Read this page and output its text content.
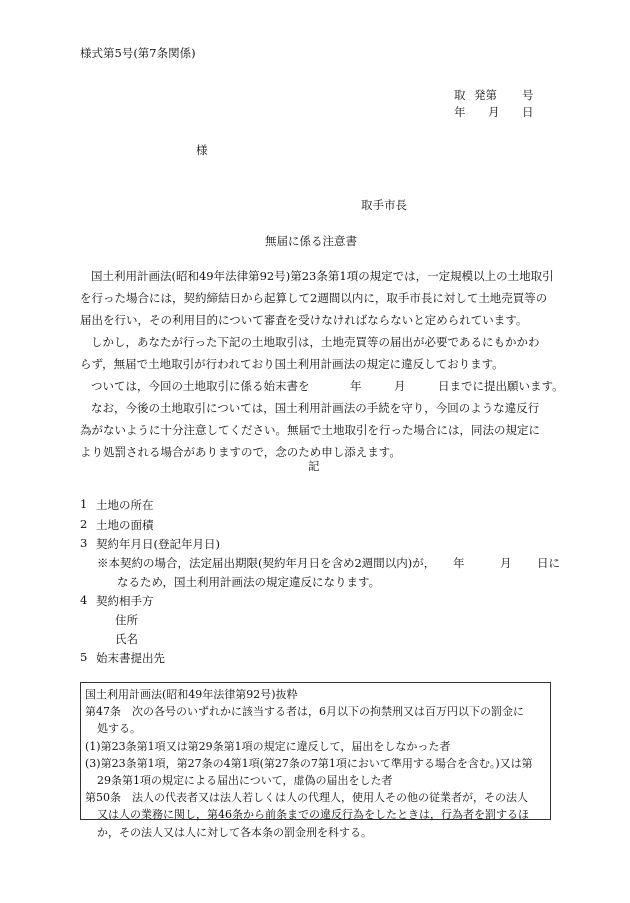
様式第5号(第7条関係)
取 発第 号
年 月 日
様
取手市長
無届に係る注意書
国土利用計画法(昭和49年法律第92号)第23条第1項の規定では，一定規模以上の土地取引
を行った場合には，契約締結日から起算して2週間以内に，取手市長に対して土地売買等の
届出を行い，その利用目的について審査を受けなければならないと定められています。
しかし，あなたが行った下記の土地取引は，土地売買等の届出が必要であるにもかかわ
らず，無届で土地取引が行われており国土利用計画法の規定に違反しております。
ついては，今回の土地取引に係る始末書を	年	月	日までに提出願います。
なお，今後の土地取引については，国土利用計画法の手続を守り，今回のような違反行
為がないように十分注意してください。無届で土地取引を行った場合には，同法の規定に
より処罰される場合がありますので，念のため申し添えます。
記
1 土地の所在
2 土地の面積
3 契約年月日(登記年月日)
※本契約の場合，法定届出期限(契約年月日を含め2週間以内)が， 年	月 日に
なるため，国土利用計画法の規定違反になります。
4 契約相手方
住所
氏名
5 始末書提出先
国土利用計画法(昭和49年法律第92号)抜粋
第47条　次の各号のいずれかに該当する者は，6月以下の拘禁刑又は百万円以下の罰金に
処する。
(1)第23条第1項又は第29条第1項の規定に違反して，届出をしなかった者
(3)第23条第1項，第27条の4第1項(第27条の7第1項において準用する場合を含む。)又は第
29条第1項の規定による届出について，虚偽の届出をした者
第50条　法人の代表者又は法人若しくは人の代理人，使用人その他の従業者が，その法人
又は人の業務に関し，第46条から前条までの違反行為をしたときは，行為者を罰するほ
か，その法人又は人に対して各本条の罰金刑を科する。
